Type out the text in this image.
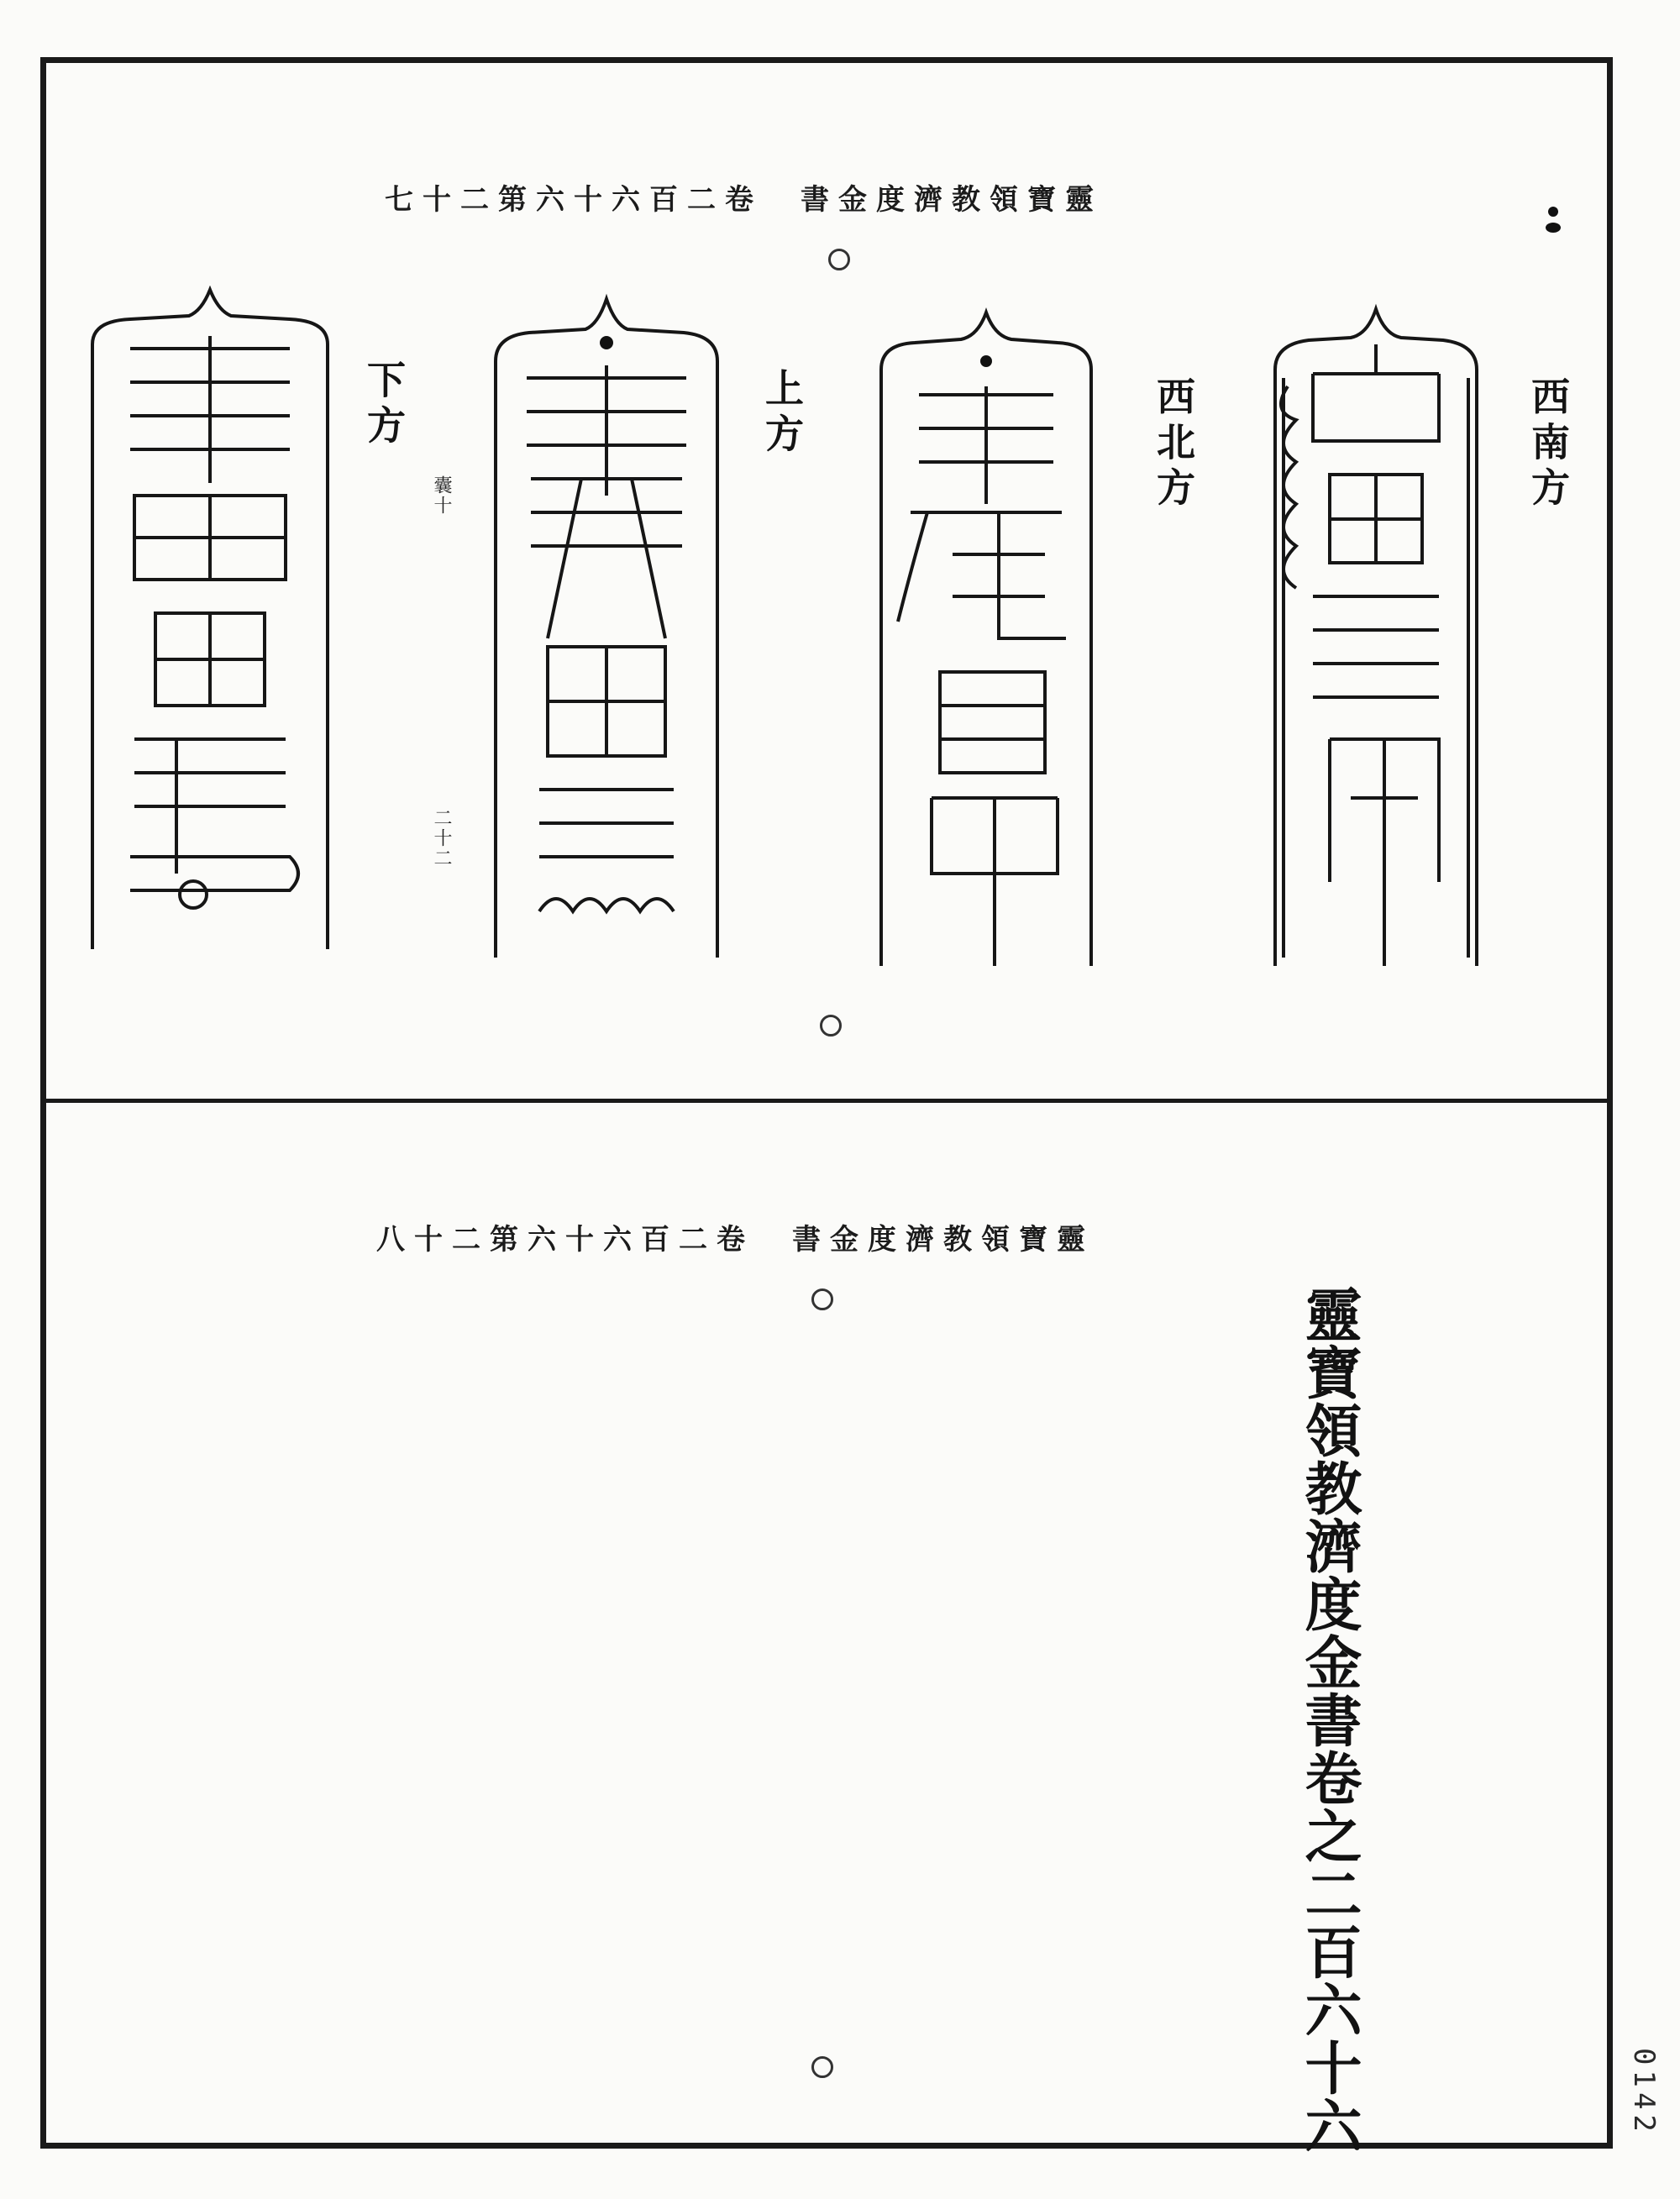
七十二第六十六百二卷　書金度濟教領寶靈
西南方
西北方
上方
下方
囊十
二十二
八十二第六十六百二卷　書金度濟教領寶靈
靈寶領教濟度金書卷之二百六十六	0142
